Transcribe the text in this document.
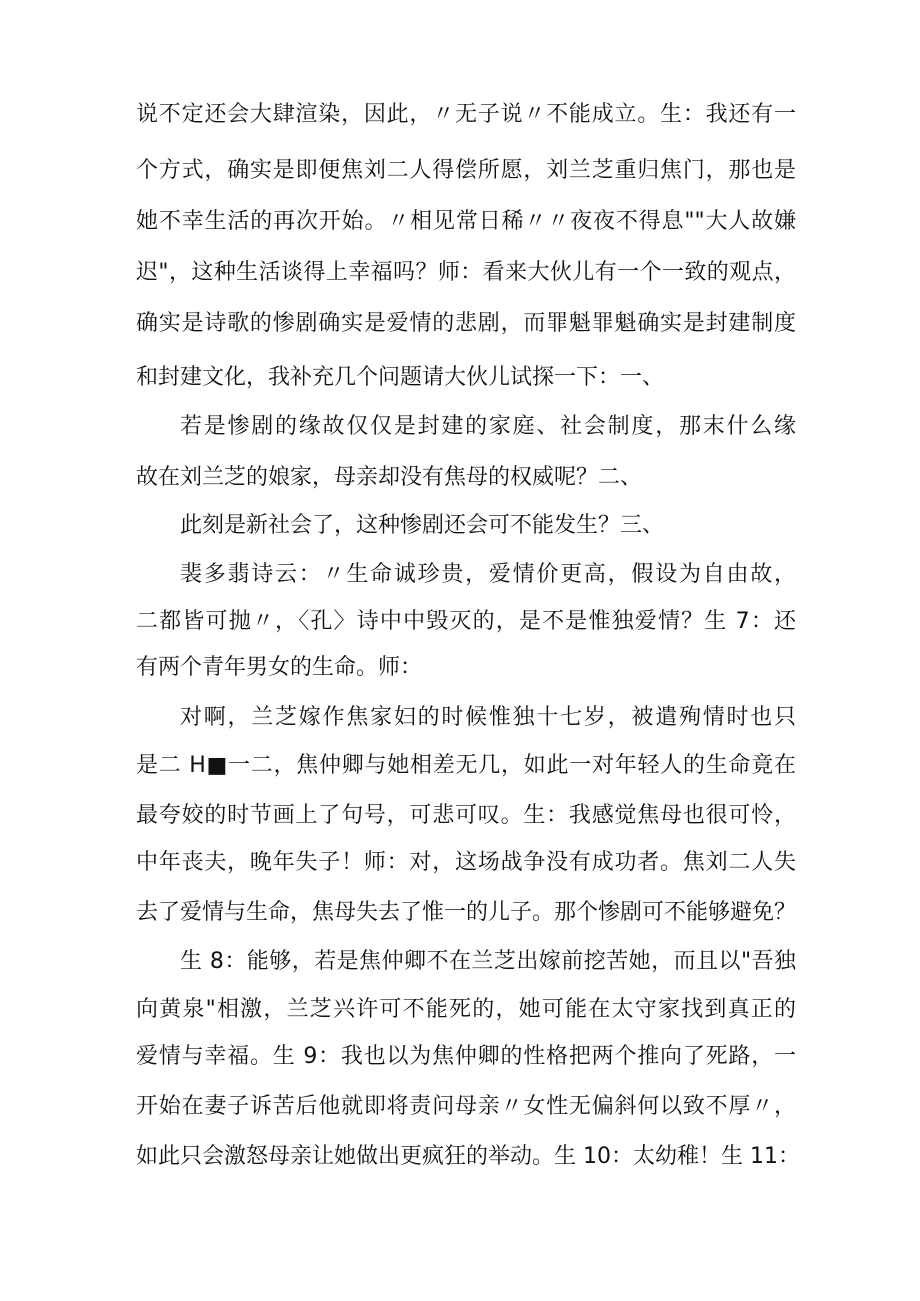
说不定还会大肆渲染，因此，〃无子说〃不能成立。生：我还有一
个方式，确实是即便焦刘二人得偿所愿，刘兰芝重归焦门，那也是
她不幸生活的再次开始。〃相见常日稀〃〃夜夜不得息""大人故嫌
迟"，这种生活谈得上幸福吗？师：看来大伙儿有一个一致的观点，
确实是诗歌的惨剧确实是爱情的悲剧，而罪魁罪魁确实是封建制度
和封建文化，我补充几个问题请大伙儿试探一下：一、
若是惨剧的缘故仅仅是封建的家庭、社会制度，那末什么缘
故在刘兰芝的娘家，母亲却没有焦母的权威呢？二、
此刻是新社会了，这种惨剧还会可不能发生？三、
裴多翡诗云：〃生命诚珍贵，爱情价更高，假设为自由故，
二都皆可抛〃，〈孔〉诗中中毁灭的，是不是惟独爱情？生 7：还
有两个青年男女的生命。师：
对啊，兰芝嫁作焦家妇的时候惟独十七岁，被遣殉情时也只
是二 H■一二，焦仲卿与她相差无几，如此一对年轻人的生命竟在
最夸姣的时节画上了句号，可悲可叹。生：我感觉焦母也很可怜，
中年丧夫，晚年失子！师：对，这场战争没有成功者。焦刘二人失
去了爱情与生命，焦母失去了惟一的儿子。那个惨剧可不能够避免？
生 8：能够，若是焦仲卿不在兰芝出嫁前挖苦她，而且以"吾独
向黄泉"相激，兰芝兴许可不能死的，她可能在太守家找到真正的
爱情与幸福。生 9：我也以为焦仲卿的性格把两个推向了死路，一
开始在妻子诉苦后他就即将责问母亲〃女性无偏斜何以致不厚〃，
如此只会激怒母亲让她做出更疯狂的举动。生 10：太幼稚！生 11：
